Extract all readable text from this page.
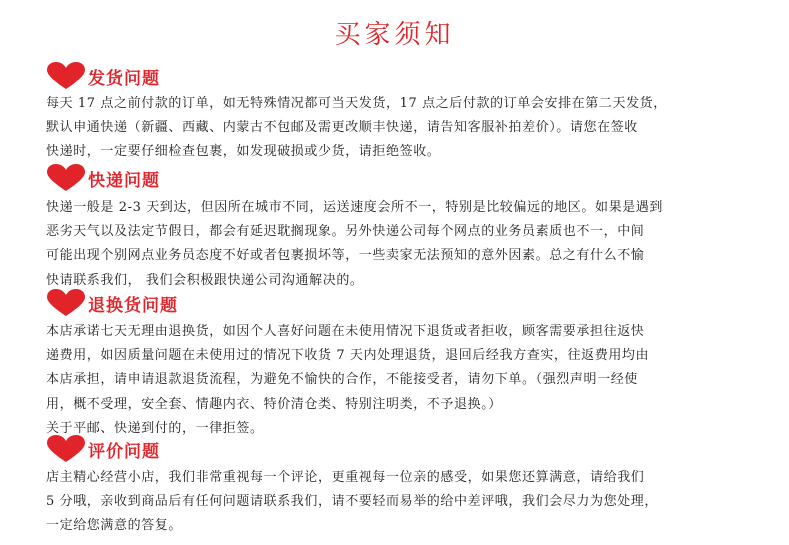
买家须知
发货问题
每天 17 点之前付款的订单，如无特殊情况都可当天发货，17 点之后付款的订单会安排在第二天发货，
默认申通快递（新疆、西藏、内蒙古不包邮及需更改顺丰快递，请告知客服补拍差价）。请您在签收
快递时，一定要仔细检查包裹，如发现破损或少货，请拒绝签收。
快递问题
快递一般是 2-3 天到达，但因所在城市不同，运送速度会所不一，特别是比较偏远的地区。如果是遇到
恶劣天气以及法定节假日，都会有延迟耽搁现象。另外快递公司每个网点的业务员素质也不一，中间
可能出现个别网点业务员态度不好或者包裹损坏等，一些卖家无法预知的意外因素。总之有什么不愉
快请联系我们， 我们会积极跟快递公司沟通解决的。
退换货问题
本店承诺七天无理由退换货，如因个人喜好问题在未使用情况下退货或者拒收，顾客需要承担往返快
递费用，如因质量问题在未使用过的情况下收货 7 天内处理退货，退回后经我方查实，往返费用均由
本店承担，请申请退款退货流程，为避免不愉快的合作，不能接受者，请勿下单。（强烈声明一经使
用，概不受理，安全套、情趣内衣、特价清仓类、特别注明类，不予退换。）
关于平邮、快递到付的，一律拒签。
评价问题
店主精心经营小店，我们非常重视每一个评论，更重视每一位亲的感受，如果您还算满意，请给我们
5 分哦，亲收到商品后有任何问题请联系我们，请不要轻而易举的给中差评哦，我们会尽力为您处理，
一定给您满意的答复。
